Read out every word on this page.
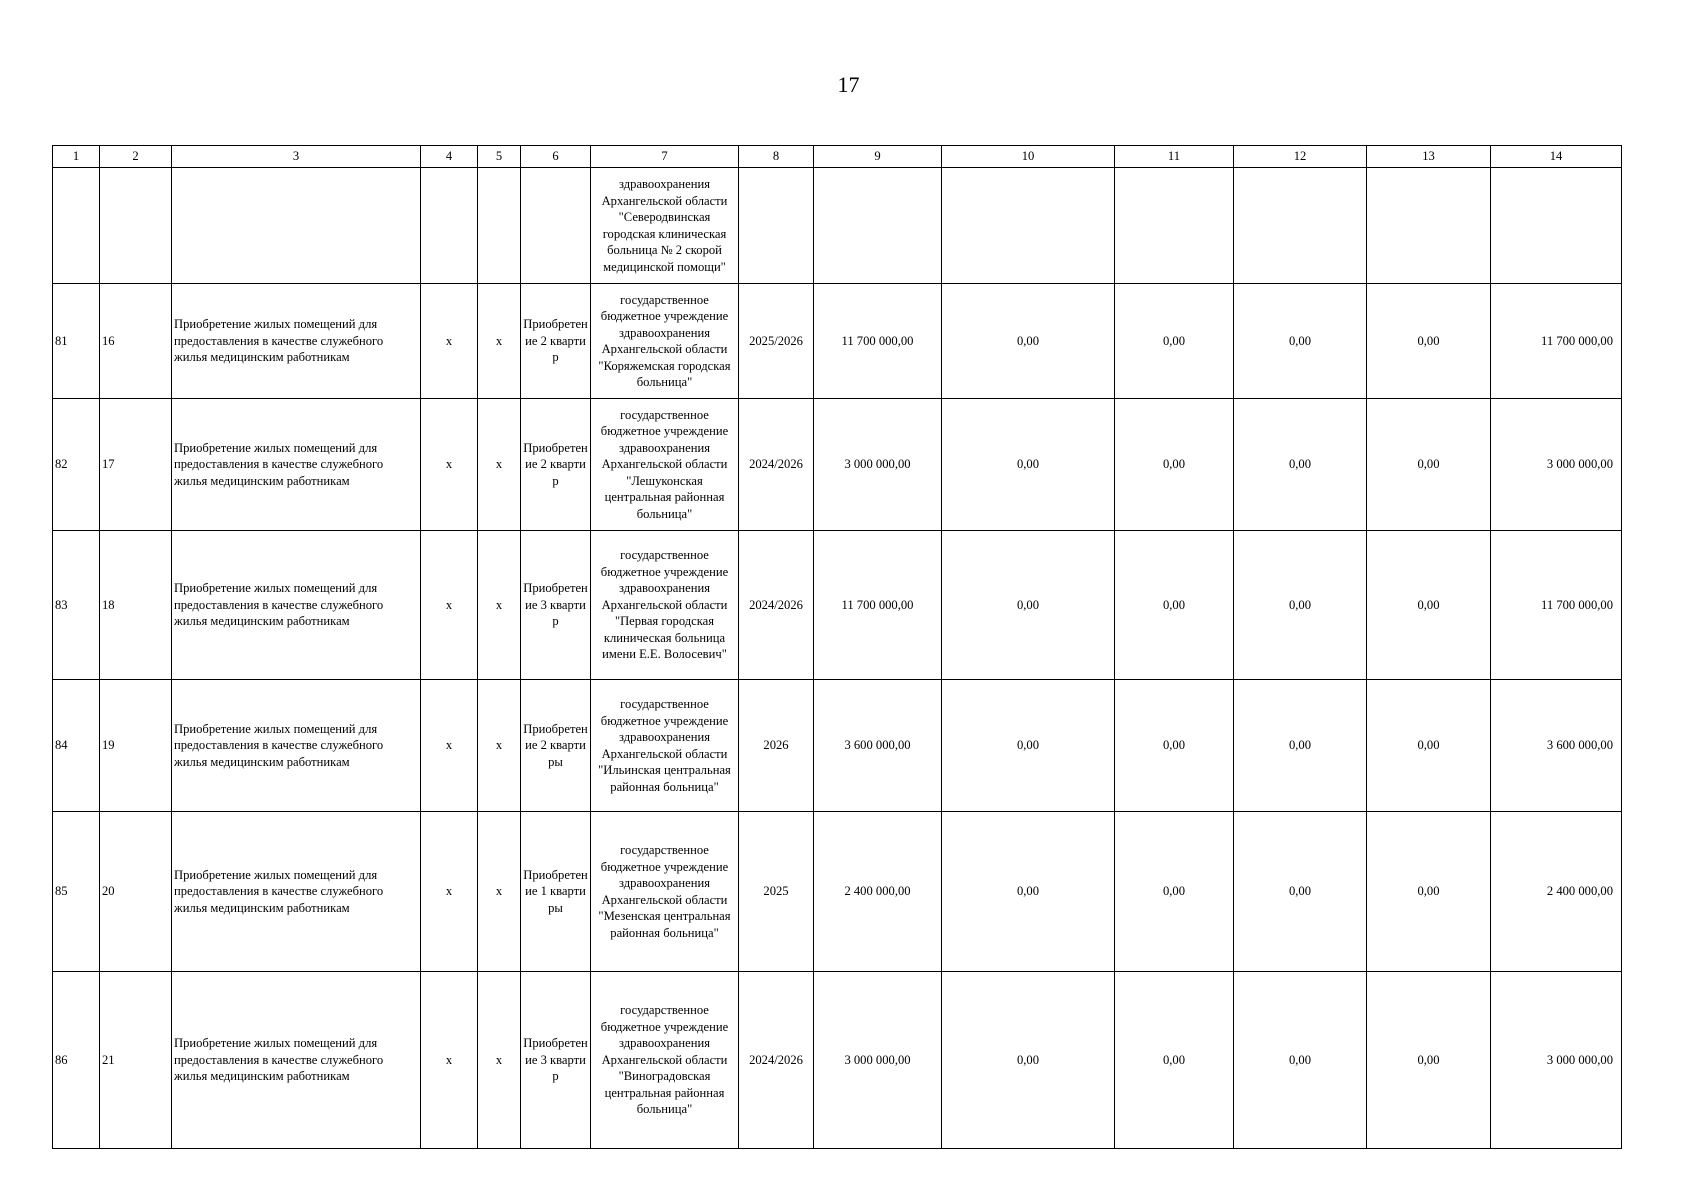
17
1	2	3	4	5	6	7	8	9	10	11	12	13	14
						здравоохранения Архангельской области "Северодвинская городская клиническая больница № 2 скорой медицинской помощи"							
81	16	Приобретение жилых помещений для предоставления в качестве служебного жилья медицинским работникам	х	х	Приобретение 2 квартир	государственное бюджетное учреждение здравоохранения Архангельской области "Коряжемская городская больница"	2025/2026	11 700 000,00	0,00	0,00	0,00	0,00	11 700 000,00
82	17	Приобретение жилых помещений для предоставления в качестве служебного жилья медицинским работникам	х	х	Приобретение 2 квартир	государственное бюджетное учреждение здравоохранения Архангельской области "Лешуконская центральная районная больница"	2024/2026	3 000 000,00	0,00	0,00	0,00	0,00	3 000 000,00
83	18	Приобретение жилых помещений для предоставления в качестве служебного жилья медицинским работникам	х	х	Приобретение 3 квартир	государственное бюджетное учреждение здравоохранения Архангельской области "Первая городская клиническая больница имени Е.Е. Волосевич"	2024/2026	11 700 000,00	0,00	0,00	0,00	0,00	11 700 000,00
84	19	Приобретение жилых помещений для предоставления в качестве служебного жилья медицинским работникам	х	х	Приобретение 2 квартиры	государственное бюджетное учреждение здравоохранения Архангельской области "Ильинская центральная районная больница"	2026	3 600 000,00	0,00	0,00	0,00	0,00	3 600 000,00
85	20	Приобретение жилых помещений для предоставления в качестве служебного жилья медицинским работникам	х	х	Приобретение 1 квартиры	государственное бюджетное учреждение здравоохранения Архангельской области "Мезенская центральная районная больница"	2025	2 400 000,00	0,00	0,00	0,00	0,00	2 400 000,00
86	21	Приобретение жилых помещений для предоставления в качестве служебного жилья медицинским работникам	х	х	Приобретение 3 квартир	государственное бюджетное учреждение здравоохранения Архангельской области "Виноградовская центральная районная больница"	2024/2026	3 000 000,00	0,00	0,00	0,00	0,00	3 000 000,00
